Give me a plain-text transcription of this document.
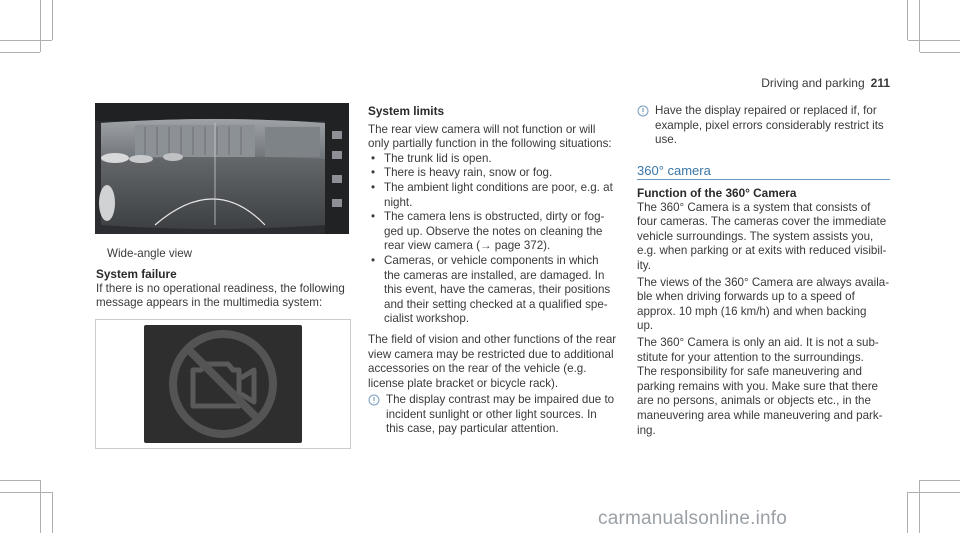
Driving and parking 211
Wide-angle view
System failure

If there is no operational readiness, the following message appears in the multimedia system:

System limits

The rear view camera will not function or will
only partially function in the following situations:

• The trunk lid is open.
• There is heavy rain, snow or fog.
• The ambient light conditions are poor, e.g. at
night.
• The camera lens is obstructed, dirty or fog-
ged up. Observe the notes on cleaning the
rear view camera (→ page 372).
• Cameras, or vehicle components in which
the cameras are installed, are damaged. In
this event, have the cameras, their positions
and their setting checked at a qualified spe-
cialist workshop.

The field of vision and other functions of the rear
view camera may be restricted due to additional
accessories on the rear of the vehicle (e.g.
license plate bracket or bicycle rack).

The display contrast may be impaired due to
incident sunlight or other light sources. In
this case, pay particular attention.
Have the display repaired or replaced if, for
example, pixel errors considerably restrict its
use.
360° camera
Function of the 360° Camera

The 360° Camera is a system that consists of
four cameras. The cameras cover the immediate
vehicle surroundings. The system assists you,
e.g. when parking or at exits with reduced visibil-
ity.

The views of the 360° Camera are always availa-
ble when driving forwards up to a speed of
approx. 10 mph (16 km/h) and when backing
up.

The 360° Camera is only an aid. It is not a sub-
stitute for your attention to the surroundings.
The responsibility for safe maneuvering and
parking remains with you. Make sure that there
are no persons, animals or objects etc., in the
maneuvering area while maneuvering and park-
ing.

carmanualsonline.info
